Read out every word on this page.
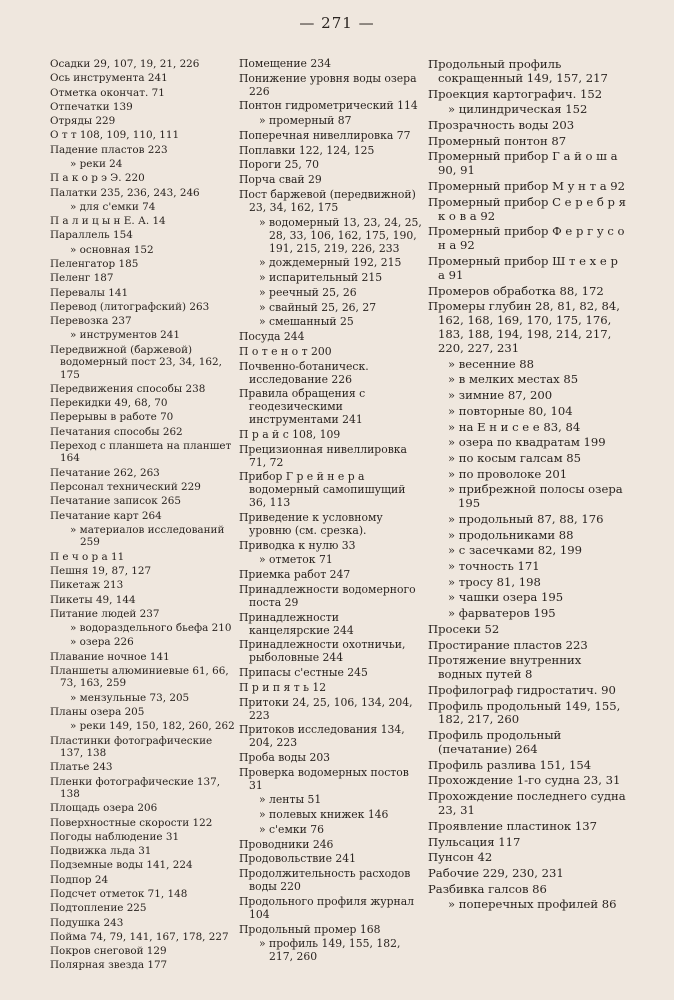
— 271 —
Осадки 29, 107, 19, 21, 226
Ось инструмента 241
Отметка окончат. 71
Отпечатки 139
Отряды 229
О т т 108, 109, 110, 111
Падение пластов 223
» реки 24
П а к о р э Э. 220
Палатки 235, 236, 243, 246
» для с'емки 74
П а л и ц ы н Е. А. 14
Параллель 154
» основная 152
Пеленгатор 185
Пеленг 187
Перевалы 141
Перевод (литографский) 263
Перевозка 237
» инструментов 241
Передвижной (баржевой) водомерный пост 23, 34, 162, 175
Передвижения способы 238
Перекидки 49, 68, 70
Перерывы в работе 70
Печатания способы 262
Переход с планшета на планшет 164
Печатание 262, 263
Персонал технический 229
Печатание записок 265
Печатание карт 264
» материалов исследований 259
П е ч о р а 11
Пешня 19, 87, 127
Пикетаж 213
Пикеты 49, 144
Питание людей 237
» водораздельного бьефа 210
» озера 226
Плавание ночное 141
Планшеты алюминиевые 61, 66, 73, 163, 259
» мензульные 73, 205
Планы озера 205
» реки 149, 150, 182, 260, 262
Пластинки фотографические 137, 138
Платье 243
Пленки фотографические 137, 138
Площадь озера 206
Поверхностные скорости 122
Погоды наблюдение 31
Подвижка льда 31
Подземные воды 141, 224
Подпор 24
Подсчет отметок 71, 148
Подтопление 225
Подушка 243
Пойма 74, 79, 141, 167, 178, 227
Покров снеговой 129
Полярная звезда 177
Помещение 234
Понижение уровня воды озера 226
Понтон гидрометрический 114
» промерный 87
Поперечная нивеллировка 77
Поплавки 122, 124, 125
Пороги 25, 70
Порча свай 29
Пост баржевой (передвижной) 23, 34, 162, 175
» водомерный 13, 23, 24, 25, 28, 33, 106, 162, 175, 190, 191, 215, 219, 226, 233
» дождемерный 192, 215
» испарительный 215
» реечный 25, 26
» свайный 25, 26, 27
» смешанный 25
Посуда 244
П о т е н о т 200
Почвенно-ботаническ. исследование 226
Правила обращения с геодезическими инструментами 241
П р а й с 108, 109
Прецизионная нивеллировка 71, 72
Прибор Г р е й н е р а водомерный самопишущий 36, 113
Приведение к условному уровню (см. срезка).
Приводка к нулю 33
» отметок 71
Приемка работ 247
Принадлежности водомерного поста 29
Принадлежности канцелярские 244
Принадлежности охотничьи, рыболовные 244
Припасы с'естные 245
П р и п я т ь 12
Притоки 24, 25, 106, 134, 204, 223
Притоков исследования 134, 204, 223
Проба воды 203
Проверка водомерных постов 31
» ленты 51
» полевых книжек 146
» с'емки 76
Проводники 246
Продовольствие 241
Продолжительность расходов воды 220
Продольного профиля журнал 104
Продольный промер 168
» профиль 149, 155, 182, 217, 260
Продольный профиль сокращенный 149, 157, 217
Проекция картографич. 152
» цилиндрическая 152
Прозрачность воды 203
Промерный понтон 87
Промерный прибор Г а й о ш а 90, 91
Промерный прибор М у н т а 92
Промерный прибор С е р е б р я к о в а 92
Промерный прибор Ф е р г у с о н а 92
Промерный прибор Ш т е х е р а 91
Промеров обработка 88, 172
Промеры глубин 28, 81, 82, 84, 162, 168, 169, 170, 175, 176, 183, 188, 194, 198, 214, 217, 220, 227, 231
» весенние 88
» в мелких местах 85
» зимние 87, 200
» повторные 80, 104
» на Е н и с е е 83, 84
» озера по квадратам 199
» по косым галсам 85
» по проволоке 201
» прибрежной полосы озера 195
» продольный 87, 88, 176
» продольниками 88
» с засечками 82, 199
» точность 171
» тросу 81, 198
» чашки озера 195
» фарватеров 195
Просеки 52
Простирание пластов 223
Протяжение внутренних водных путей 8
Профилограф гидростатич. 90
Профиль продольный 149, 155, 182, 217, 260
Профиль продольный (печатание) 264
Профиль разлива 151, 154
Прохождение 1-го судна 23, 31
Прохождение последнего судна 23, 31
Проявление пластинок 137
Пульсация 117
Пунсон 42
Рабочие 229, 230, 231
Разбивка галсов 86
» поперечных профилей 86
